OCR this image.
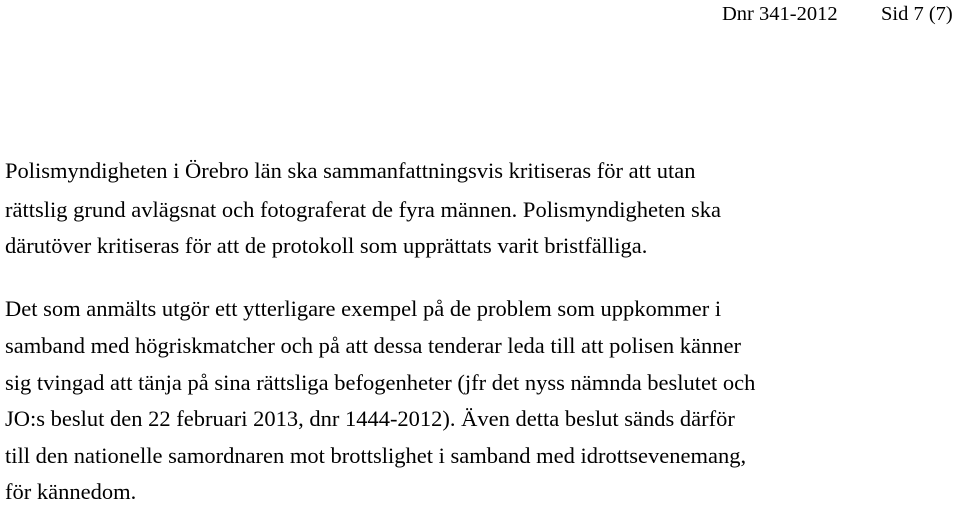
Dnr 341-2012 Sid 7 (7)
Polismyndigheten i Örebro län ska sammanfattningsvis kritiseras för att utan
rättslig grund avlägsnat och fotograferat de fyra männen. Polismyndigheten ska
därutöver kritiseras för att de protokoll som upprättats varit bristfälliga.
Det som anmälts utgör ett ytterligare exempel på de problem som uppkommer i
samband med högriskmatcher och på att dessa tenderar leda till att polisen känner
sig tvingad att tänja på sina rättsliga befogenheter (jfr det nyss nämnda beslutet och
JO:s beslut den 22 februari 2013, dnr 1444-2012). Även detta beslut sänds därför
till den nationelle samordnaren mot brottslighet i samband med idrottsevenemang,
för kännedom.
